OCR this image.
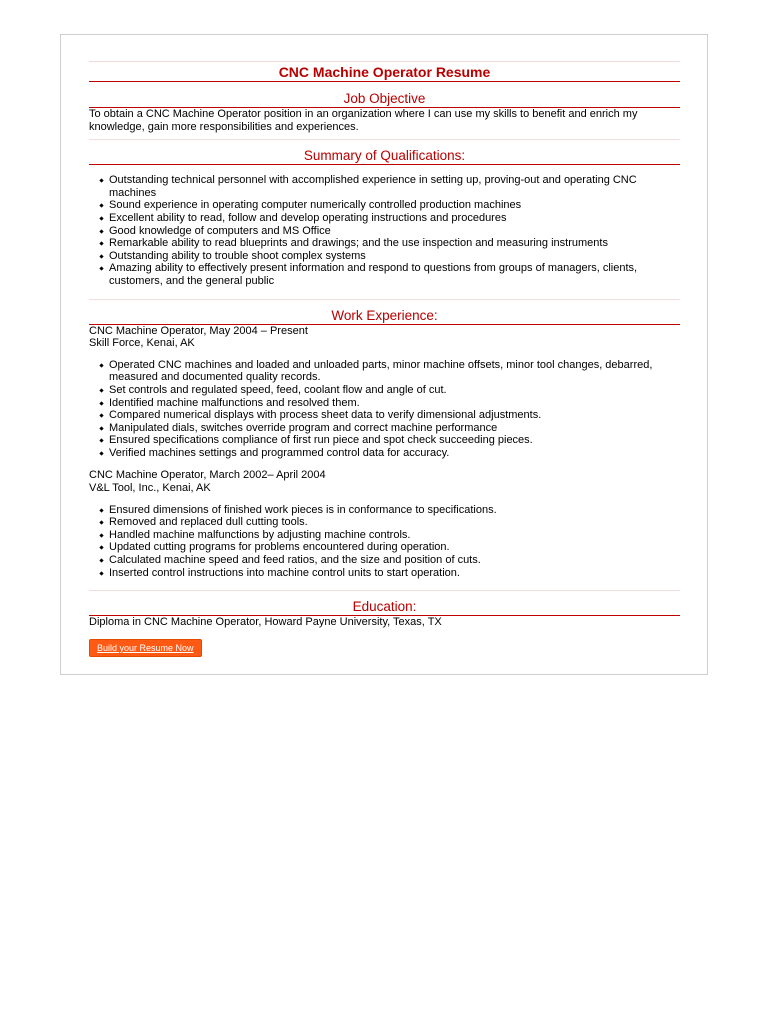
CNC Machine Operator Resume
Job Objective

To obtain a CNC Machine Operator position in an organization where I can use my skills to benefit and enrich my knowledge, gain more responsibilities and experiences.

Summary of Qualifications:
Outstanding technical personnel with accomplished experience in setting up, proving-out and operating CNC machines
Sound experience in operating computer numerically controlled production machines
Excellent ability to read, follow and develop operating instructions and procedures
Good knowledge of computers and MS Office
Remarkable ability to read blueprints and drawings; and the use inspection and measuring instruments
Outstanding ability to trouble shoot complex systems
Amazing ability to effectively present information and respond to questions from groups of managers, clients, customers, and the general public
Work Experience:
CNC Machine Operator, May 2004 – Present
Skill Force, Kenai, AK
Operated CNC machines and loaded and unloaded parts, minor machine offsets, minor tool changes, debarred, measured and documented quality records.
Set controls and regulated speed, feed, coolant flow and angle of cut.
Identified machine malfunctions and resolved them.
Compared numerical displays with process sheet data to verify dimensional adjustments.
Manipulated dials, switches override program and correct machine performance
Ensured specifications compliance of first run piece and spot check succeeding pieces.
Verified machines settings and programmed control data for accuracy.
CNC Machine Operator, March 2002– April 2004
V&L Tool, Inc., Kenai, AK
Ensured dimensions of finished work pieces is in conformance to specifications.
Removed and replaced dull cutting tools.
Handled machine malfunctions by adjusting machine controls.
Updated cutting programs for problems encountered during operation.
Calculated machine speed and feed ratios, and the size and position of cuts.
Inserted control instructions into machine control units to start operation.
Education:

Diploma in CNC Machine Operator, Howard Payne University, Texas, TX

Build your Resume Now
